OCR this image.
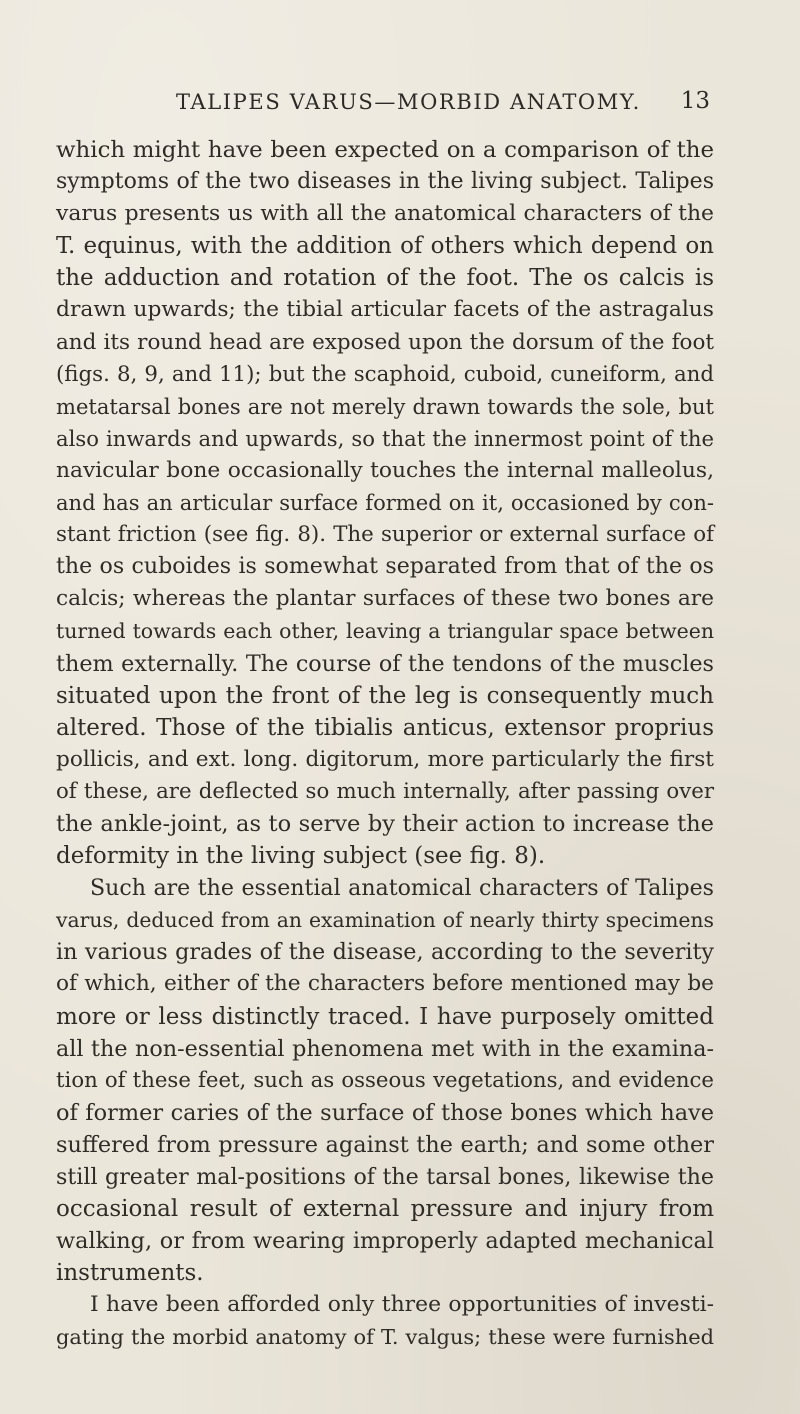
TALIPES VARUS—MORBID ANATOMY. 13
which might have been expected on a comparison of the
symptoms of the two diseases in the living subject. Talipes
varus presents us with all the anatomical characters of the
T. equinus, with the addition of others which depend on
the adduction and rotation of the foot. The os calcis is
drawn upwards; the tibial articular facets of the astragalus
and its round head are exposed upon the dorsum of the foot
(figs. 8, 9, and 11); but the scaphoid, cuboid, cuneiform, and
metatarsal bones are not merely drawn towards the sole, but
also inwards and upwards, so that the innermost point of the
navicular bone occasionally touches the internal malleolus,
and has an articular surface formed on it, occasioned by con-
stant friction (see fig. 8). The superior or external surface of
the os cuboides is somewhat separated from that of the os
calcis; whereas the plantar surfaces of these two bones are
turned towards each other, leaving a triangular space between
them externally. The course of the tendons of the muscles
situated upon the front of the leg is consequently much
altered. Those of the tibialis anticus, extensor proprius
pollicis, and ext. long. digitorum, more particularly the first
of these, are deflected so much internally, after passing over
the ankle-joint, as to serve by their action to increase the
deformity in the living subject (see fig. 8).
Such are the essential anatomical characters of Talipes
varus, deduced from an examination of nearly thirty specimens
in various grades of the disease, according to the severity
of which, either of the characters before mentioned may be
more or less distinctly traced. I have purposely omitted
all the non-essential phenomena met with in the examina-
tion of these feet, such as osseous vegetations, and evidence
of former caries of the surface of those bones which have
suffered from pressure against the earth; and some other
still greater mal-positions of the tarsal bones, likewise the
occasional result of external pressure and injury from
walking, or from wearing improperly adapted mechanical
instruments.
I have been afforded only three opportunities of investi-
gating the morbid anatomy of T. valgus; these were furnished
